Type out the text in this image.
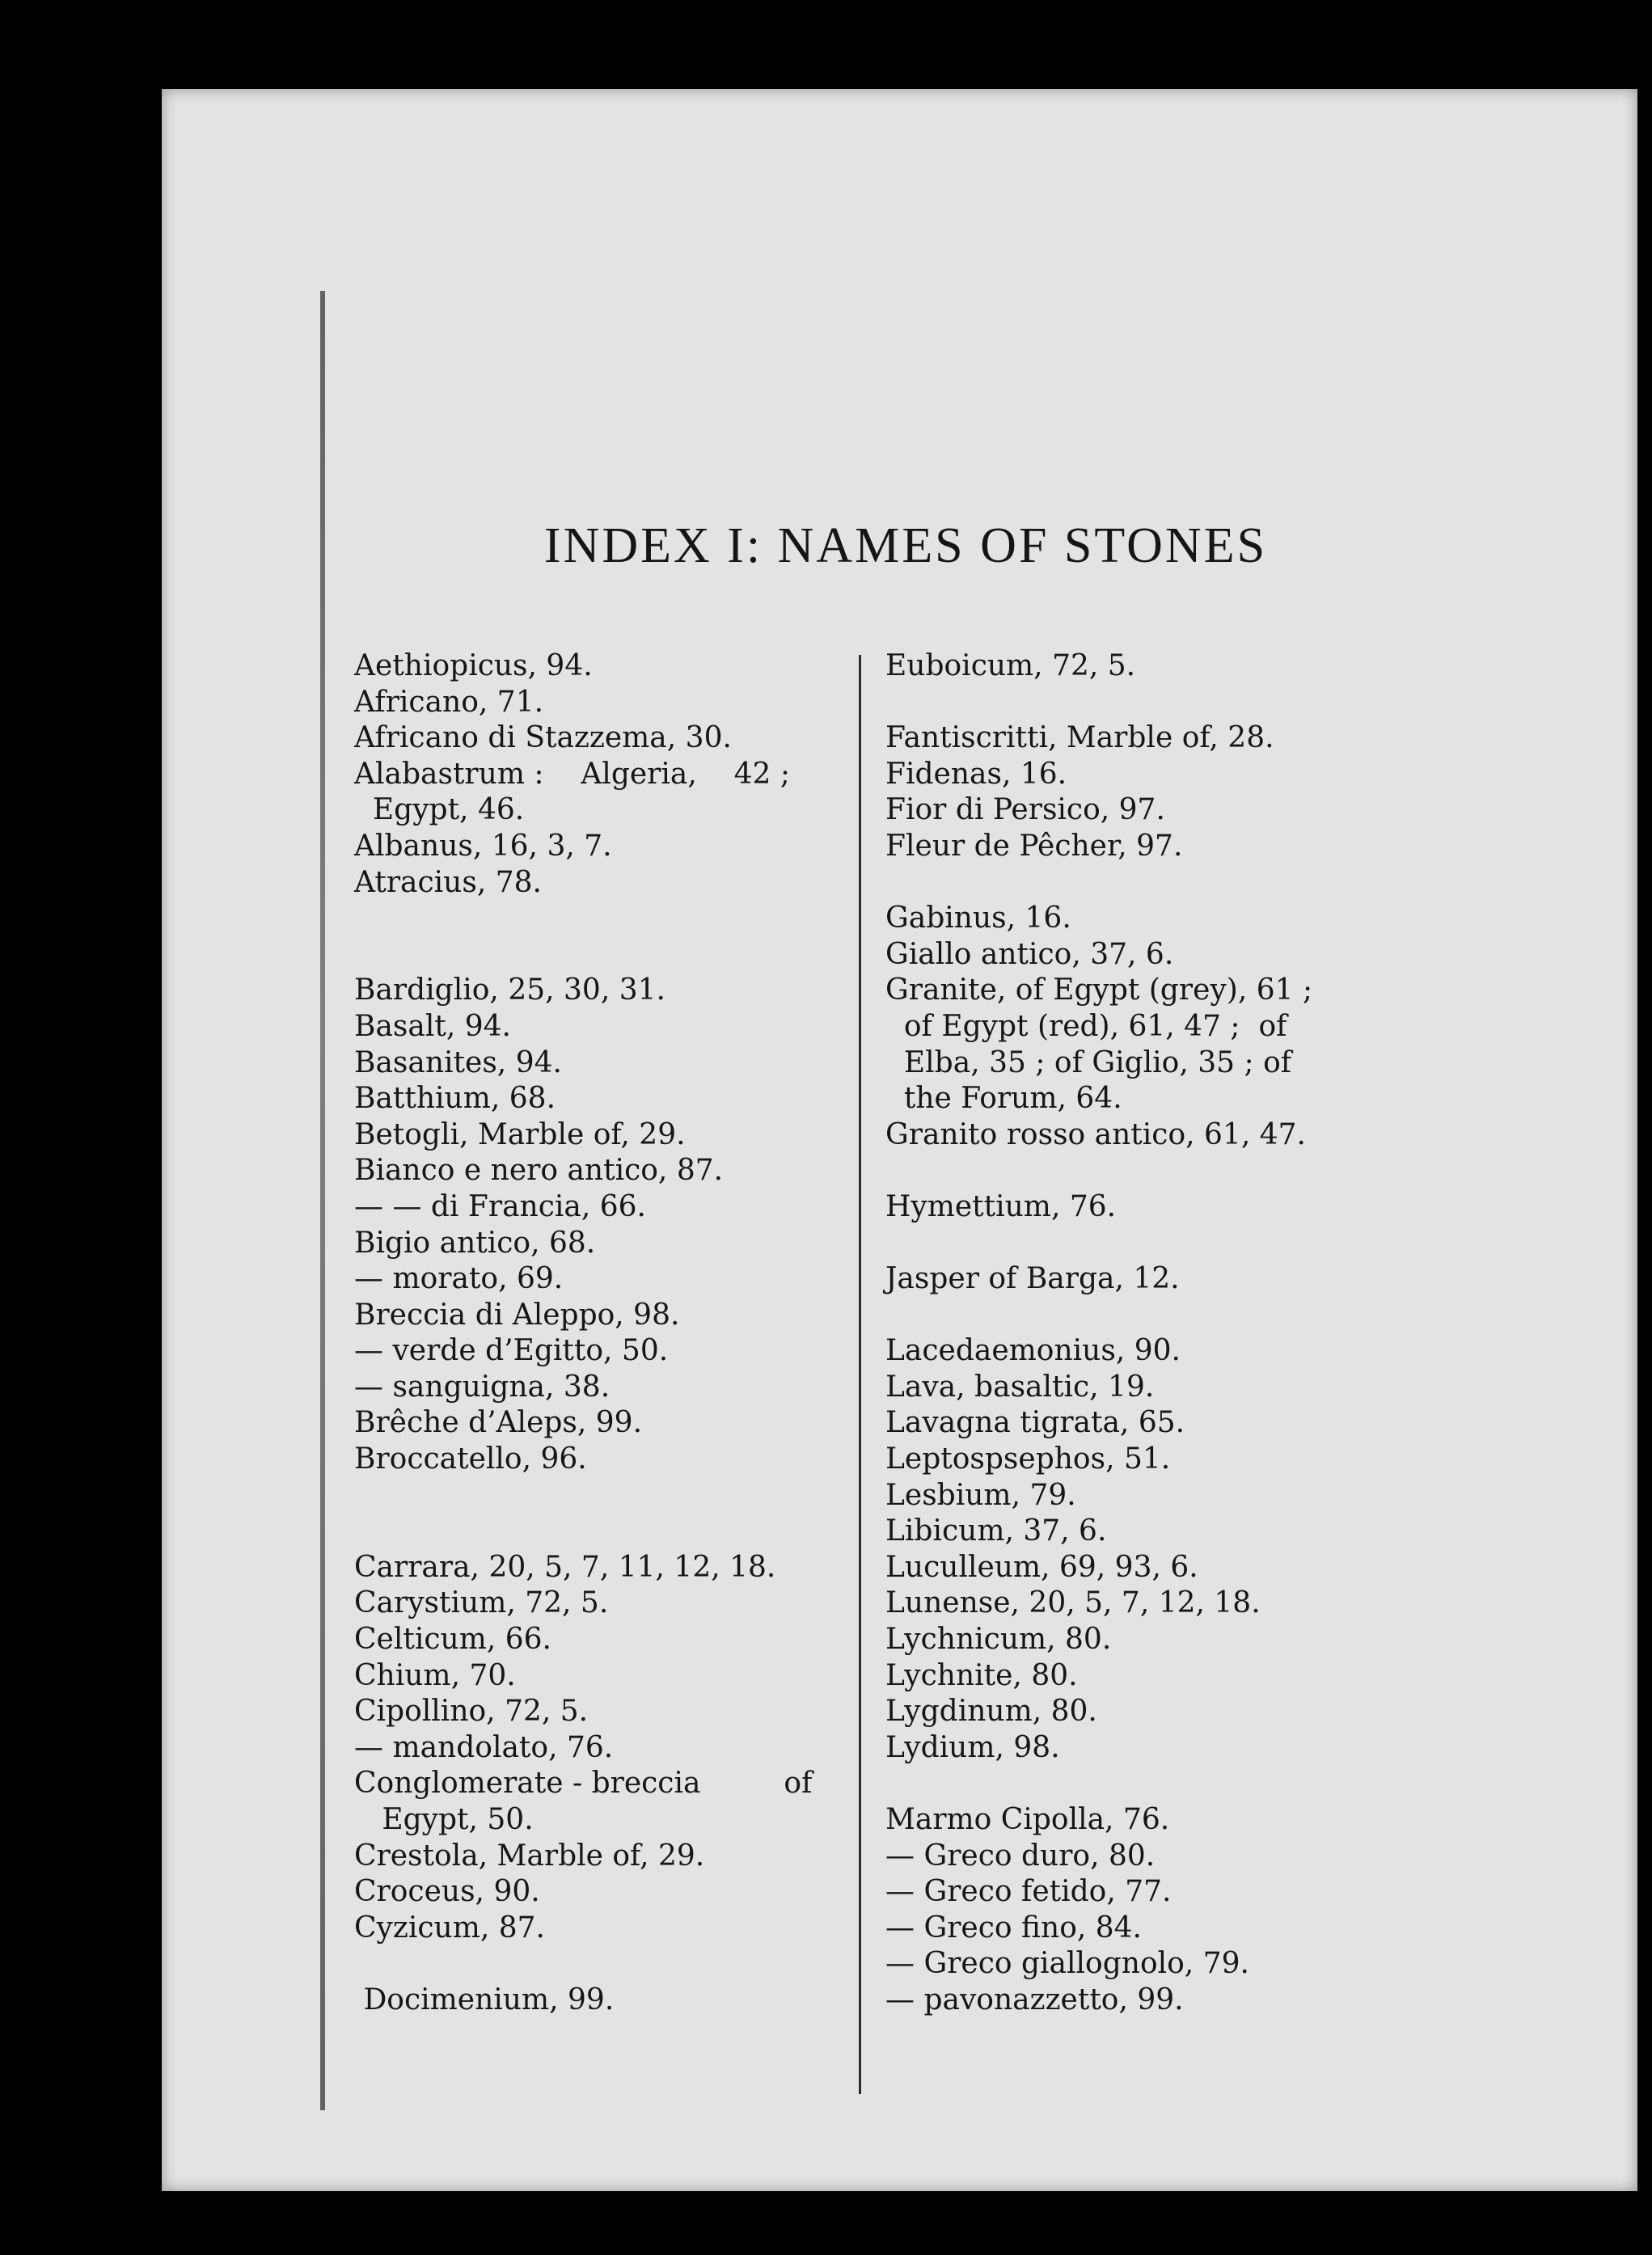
INDEX I: NAMES OF STONES
Aethiopicus, 94.
Africano, 71.
Africano di Stazzema, 30.
Alabastrum :    Algeria,    42 ;
Egypt, 46.
Albanus, 16, 3, 7.
Atracius, 78.
Bardiglio, 25, 30, 31.
Basalt, 94.
Basanites, 94.
Batthium, 68.
Betogli, Marble of, 29.
Bianco e nero antico, 87.
— — di Francia, 66.
Bigio antico, 68.
— morato, 69.
Breccia di Aleppo, 98.
— verde d’Egitto, 50.
— sanguigna, 38.
Brêche d’Aleps, 99.
Broccatello, 96.
Carrara, 20, 5, 7, 11, 12, 18.
Carystium, 72, 5.
Celticum, 66.
Chium, 70.
Cipollino, 72, 5.
— mandolato, 76.
Conglomerate - breccia         of
Egypt, 50.
Crestola, Marble of, 29.
Croceus, 90.
Cyzicum, 87.
Docimenium, 99.
Euboicum, 72, 5.
Fantiscritti, Marble of, 28.
Fidenas, 16.
Fior di Persico, 97.
Fleur de Pêcher, 97.
Gabinus, 16.
Giallo antico, 37, 6.
Granite, of Egypt (grey), 61 ;
of Egypt (red), 61, 47 ;  of
Elba, 35 ; of Giglio, 35 ; of
the Forum, 64.
Granito rosso antico, 61, 47.
Hymettium, 76.
Jasper of Barga, 12.
Lacedaemonius, 90.
Lava, basaltic, 19.
Lavagna tigrata, 65.
Leptospsephos, 51.
Lesbium, 79.
Libicum, 37, 6.
Luculleum, 69, 93, 6.
Lunense, 20, 5, 7, 12, 18.
Lychnicum, 80.
Lychnite, 80.
Lygdinum, 80.
Lydium, 98.
Marmo Cipolla, 76.
— Greco duro, 80.
— Greco fetido, 77.
— Greco fino, 84.
— Greco giallognolo, 79.
— pavonazzetto, 99.
